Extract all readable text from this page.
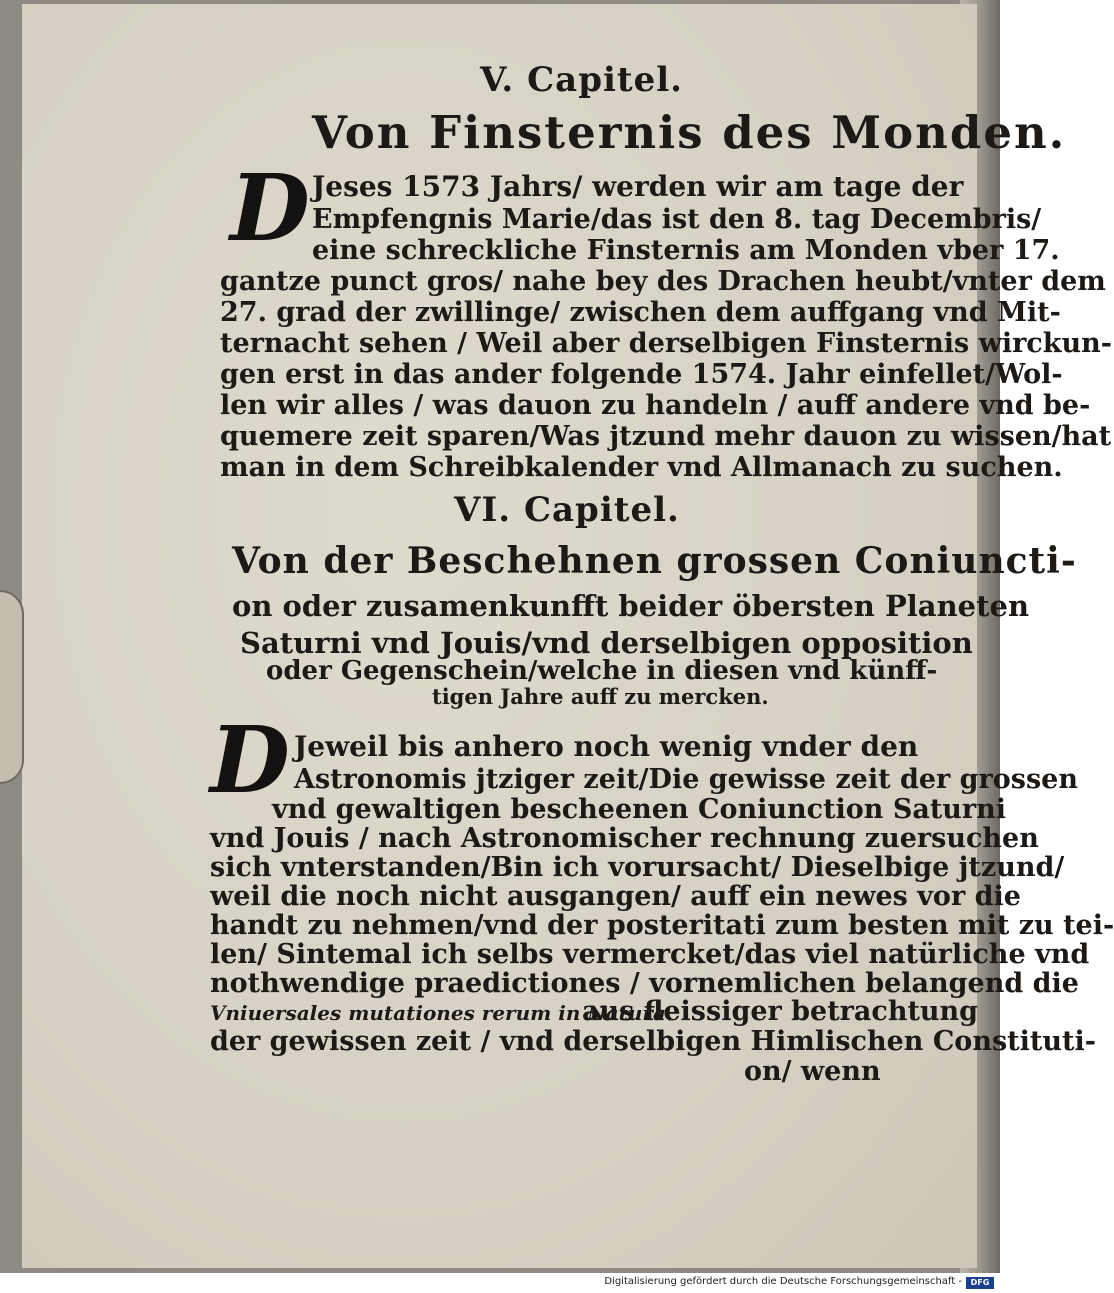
V. Capitel.
Von Finsternis des Monden.
D Jeses 1573 Jahrs/ werden wir am tage der
Empfengnis Marie/das ist den 8. tag Decembris/
eine schreckliche Finsternis am Monden vber 17.
gantze punct gros/ nahe bey des Drachen heubt/vnter dem
27. grad der zwillinge/ zwischen dem auffgang vnd Mit-
ternacht sehen / Weil aber derselbigen Finsternis wirckun-
gen erst in das ander folgende 1574. Jahr einfellet/Wol-
len wir alles / was dauon zu handeln / auff andere vnd be-
quemere zeit sparen/Was jtzund mehr dauon zu wissen/hat
man in dem Schreibkalender vnd Allmanach zu suchen.
VI. Capitel.
Von der Beschehnen grossen Coniuncti-
on oder zusamenkunfft beider öbersten Planeten
Saturni vnd Jouis/vnd derselbigen opposition
oder Gegenschein/welche in diesen vnd künff-
tigen Jahre auff zu mercken.
D Jeweil bis anhero noch wenig vnder den
Astronomis jtziger zeit/Die gewisse zeit der grossen
vnd gewaltigen bescheenen Coniunction Saturni
vnd Jouis / nach Astronomischer rechnung zuersuchen
sich vnterstanden/Bin ich vorursacht/ Dieselbige jtzund/
weil die noch nicht ausgangen/ auff ein newes vor die
handt zu nehmen/vnd der posteritati zum besten mit zu tei-
len/ Sintemal ich selbs vermercket/das viel natürliche vnd
nothwendige praedictiones / vornemlichen belangend die
Vniuersales mutationes rerum in Natura.
aus fleissiger betrachtung
der gewissen zeit / vnd derselbigen Himlischen Constituti-
on/ wenn
Digitalisierung gefördert durch die Deutsche Forschungsgemeinschaft -	DFG
